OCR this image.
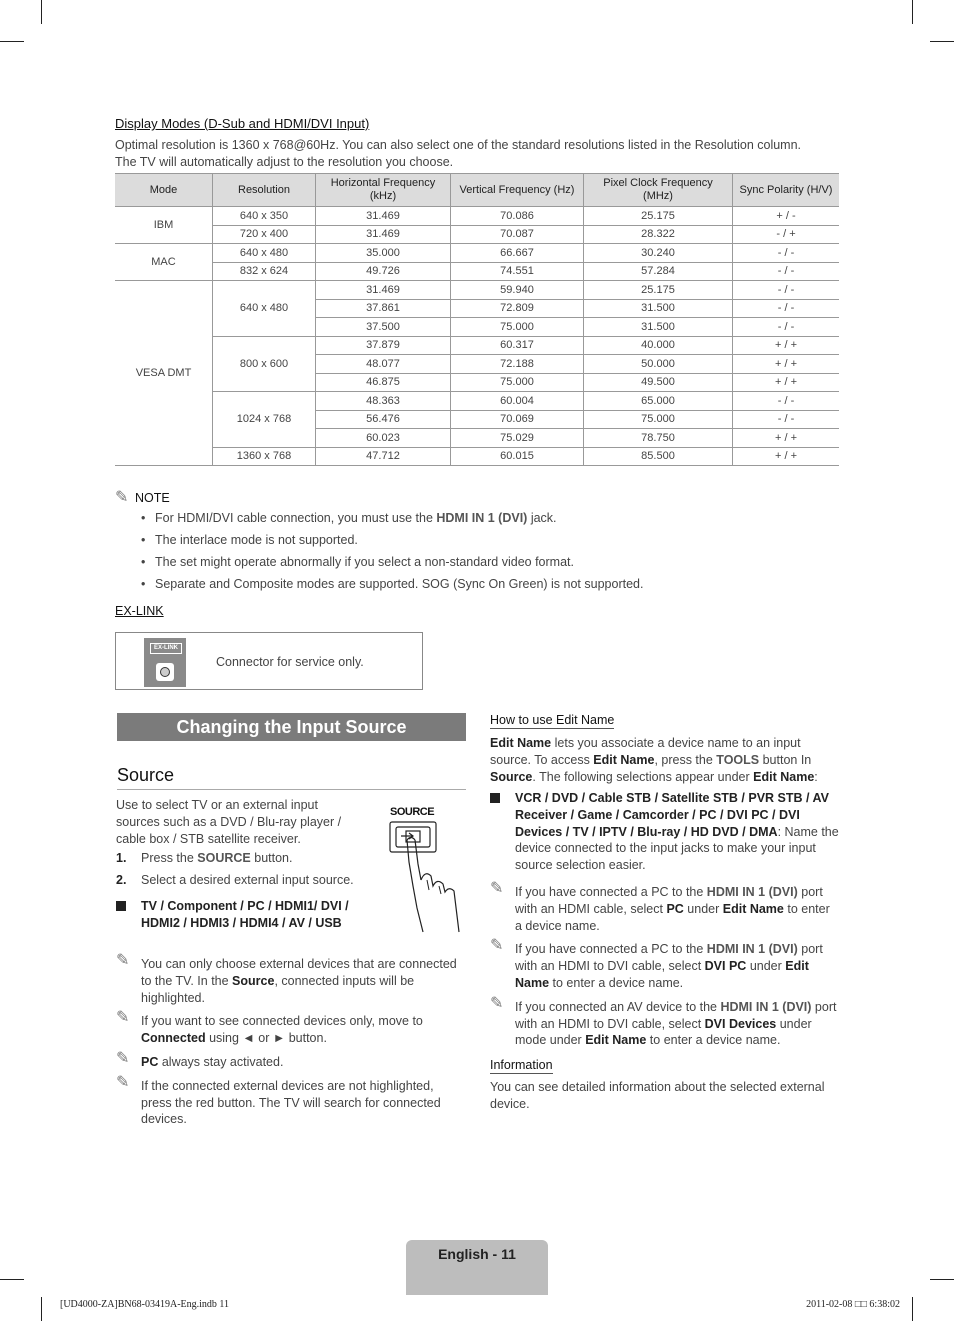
Display Modes (D-Sub and HDMI/DVI Input)
Optimal resolution is 1360 x 768@60Hz. You can also select one of the standard resolutions listed in the Resolution column.
The TV will automatically adjust to the resolution you choose.
Mode	Resolution	Horizontal Frequency (kHz)	Vertical Frequency (Hz)	Pixel Clock Frequency (MHz)	Sync Polarity (H/V)
IBM	640 x 350	31.469	70.086	25.175	+ / -
	720 x 400	31.469	70.087	28.322	- / +
MAC	640 x 480	35.000	66.667	30.240	- / -
	832 x 624	49.726	74.551	57.284	- / -
VESA DMT	640 x 480	31.469	59.940	25.175	- / -
		37.861	72.809	31.500	- / -
		37.500	75.000	31.500	- / -
	800 x 600	37.879	60.317	40.000	+ / +
		48.077	72.188	50.000	+ / +
		46.875	75.000	49.500	+ / +
	1024 x 768	48.363	60.004	65.000	- / -
		56.476	70.069	75.000	- / -
		60.023	75.029	78.750	+ / +
	1360 x 768	47.712	60.015	85.500	+ / +
✎ NOTE
• For HDMI/DVI cable connection, you must use the HDMI IN 1 (DVI) jack.
• The interlace mode is not supported.
• The set might operate abnormally if you select a non-standard video format.
• Separate and Composite modes are supported. SOG (Sync On Green) is not supported.
EX-LINK
EX-LINK
Connector for service only.
Changing the Input Source
Source
Use to select TV or an external input sources such as a DVD / Blu-ray player / cable box / STB satellite receiver.
1. Press the SOURCE button.
2. Select a desired external input source.
TV / Component / PC / HDMI1/ DVI / HDMI2 / HDMI3 / HDMI4 / AV / USB
SOURCE
✎ You can only choose external devices that are connected to the TV. In the Source, connected inputs will be highlighted.
✎ If you want to see connected devices only, move to Connected using ◄ or ► button.
✎ PC always stay activated.
✎ If the connected external devices are not highlighted, press the red button. The TV will search for connected devices.
How to use Edit Name
Edit Name lets you associate a device name to an input source. To access Edit Name, press the TOOLS button In Source. The following selections appear under Edit Name:
VCR / DVD / Cable STB / Satellite STB / PVR STB / AV Receiver / Game / Camcorder / PC / DVI PC / DVI Devices / TV / IPTV / Blu-ray / HD DVD / DMA: Name the device connected to the input jacks to make your input source selection easier.
✎ If you have connected a PC to the HDMI IN 1 (DVI) port with an HDMI cable, select PC under Edit Name to enter a device name.
✎ If you have connected a PC to the HDMI IN 1 (DVI) port with an HDMI to DVI cable, select DVI PC under Edit Name to enter a device name.
✎ If you connected an AV device to the HDMI IN 1 (DVI) port with an HDMI to DVI cable, select DVI Devices under mode under Edit Name to enter a device name.
Information
You can see detailed information about the selected external device.
English - 11
[UD4000-ZA]BN68-03419A-Eng.indb 11	2011-02-08 □□ 6:38:02
